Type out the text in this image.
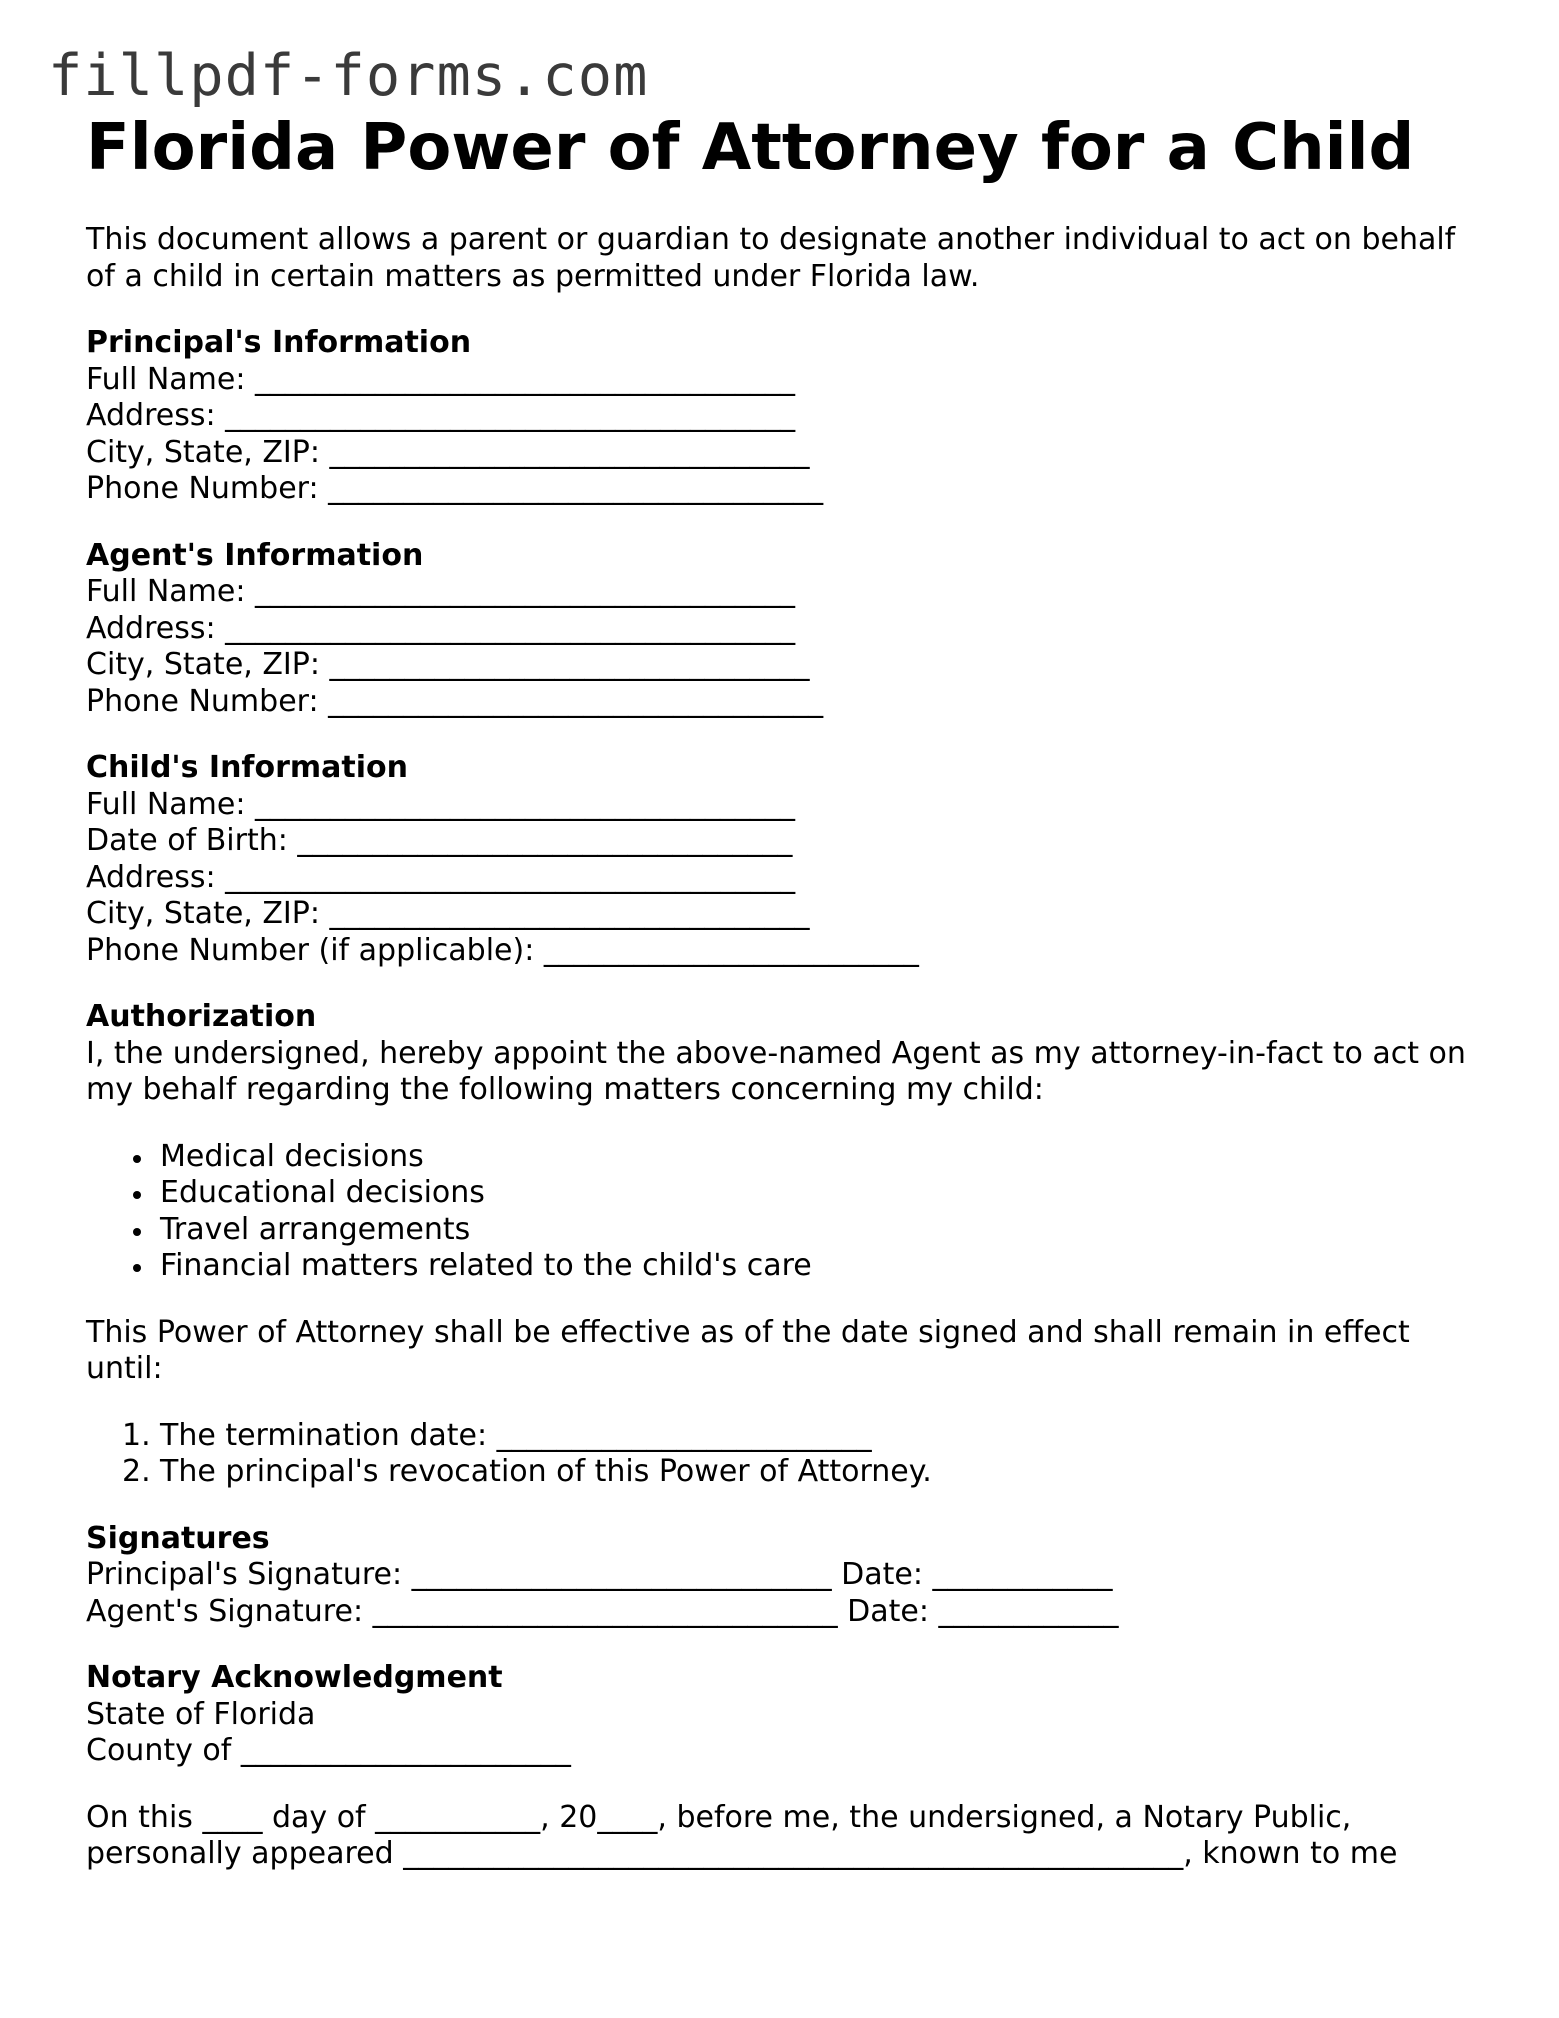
fillpdf-forms.com
Florida Power of Attorney for a Child

This document allows a parent or guardian to designate another individual to act on behalf of a child in certain matters as permitted under Florida law.

Principal's Information
Full Name: ____________________________________
Address: ______________________________________
City, State, ZIP: ________________________________
Phone Number: _________________________________
Agent's Information
Full Name: ____________________________________
Address: ______________________________________
City, State, ZIP: ________________________________
Phone Number: _________________________________
Child's Information
Full Name: ____________________________________
Date of Birth: _________________________________
Address: ______________________________________
City, State, ZIP: ________________________________
Phone Number (if applicable): _________________________
Authorization

I, the undersigned, hereby appoint the above-named Agent as my attorney-in-fact to act on my behalf regarding the following matters concerning my child:

Medical decisions
Educational decisions
Travel arrangements
Financial matters related to the child's care

This Power of Attorney shall be effective as of the date signed and shall remain in effect until:

1. The termination date: _________________________
2. The principal's revocation of this Power of Attorney.
Signatures
Principal's Signature: ____________________________ Date: ____________
Agent's Signature: _______________________________ Date: ____________
Notary Acknowledgment
State of Florida
County of ______________________

On this ____ day of ___________, 20____, before me, the undersigned, a Notary Public, personally appeared ____________________________________________________, known to me
